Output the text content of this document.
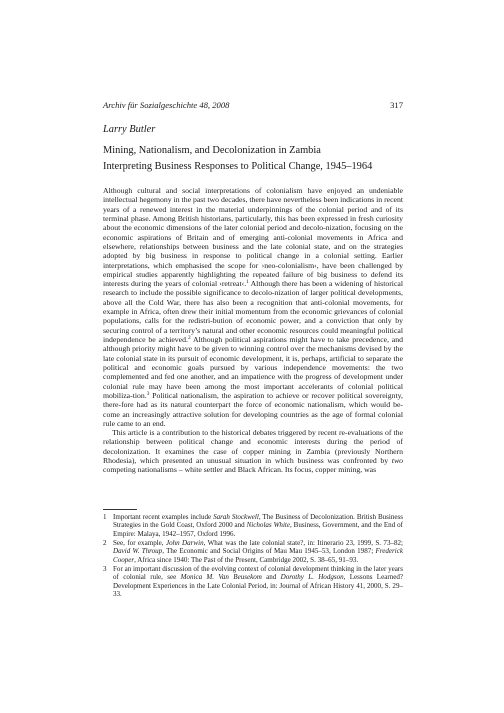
Archiv für Sozialgeschichte 48, 2008	317
Larry Butler
Mining, Nationalism, and Decolonization in Zambia
Interpreting Business Responses to Political Change, 1945–1964

Although cultural and social interpretations of colonialism have enjoyed an undeniable intellectual hegemony in the past two decades, there have nevertheless been indications in recent years of a renewed interest in the material underpinnings of the colonial period and of its terminal phase. Among British historians, particularly, this has been expressed in fresh curiosity about the economic dimensions of the later colonial period and decolo-nization, focusing on the economic aspirations of Britain and of emerging anti-colonial movements in Africa and elsewhere, relationships between business and the late colonial state, and on the strategies adopted by big business in response to political change in a colonial setting. Earlier interpretations, which emphasised the scope for ›neo-colonialism‹, have been challenged by empirical studies apparently highlighting the repeated failure of big business to defend its interests during the years of colonial ›retreat‹.$^1$ Although there has been a widening of historical research to include the possible significance to decolo-nization of larger political developments, above all the Cold War, there has also been a recognition that anti-colonial movements, for example in Africa, often drew their initial momentum from the economic grievances of colonial populations, calls for the redistri-bution of economic power, and a conviction that only by securing control of a territory’s natural and other economic resources could meaningful political independence be achieved.$^2$ Although political aspirations might have to take precedence, and although priority might have to be given to winning control over the mechanisms devised by the late colonial state in its pursuit of economic development, it is, perhaps, artificial to separate the political and economic goals pursued by various independence movements: the two complemented and fed one another, and an impatience with the progress of development under colonial rule may have been among the most important accelerants of colonial political mobiliza-tion.$^3$ Political nationalism, the aspiration to achieve or recover political sovereignty, there-fore had as its natural counterpart the force of economic nationalism, which would be-come an increasingly attractive solution for developing countries as the age of formal colonial rule came to an end.

This article is a contribution to the historical debates triggered by recent re-evaluations of the relationship between political change and economic interests during the period of decolonization. It examines the case of copper mining in Zambia (previously Northern Rhodesia), which presented an unusual situation in which business was confronted by two competing nationalisms – white settler and Black African. Its focus, copper mining, was

1 Important recent examples include Sarah Stockwell, The Business of Decolonization. British Business Strategies in the Gold Coast, Oxford 2000 and Nicholas White, Business, Government, and the End of Empire: Malaya, 1942–1957, Oxford 1996.
2 See, for example, John Darwin, What was the late colonial state?, in: Itinerario 23, 1999, S. 73–82; David W. Throup, The Economic and Social Origins of Mau Mau 1945–53, London 1987; Frederick Cooper, Africa since 1940: The Past of the Present, Cambridge 2002, S. 38–65, 91–93.
3 For an important discussion of the evolving context of colonial development thinking in the later years of colonial rule, see Monica M. Van Beusekom and Dorothy L. Hodgson, Lessons Learned? Development Experiences in the Late Colonial Period, in: Journal of African History 41, 2000, S. 29–33.
